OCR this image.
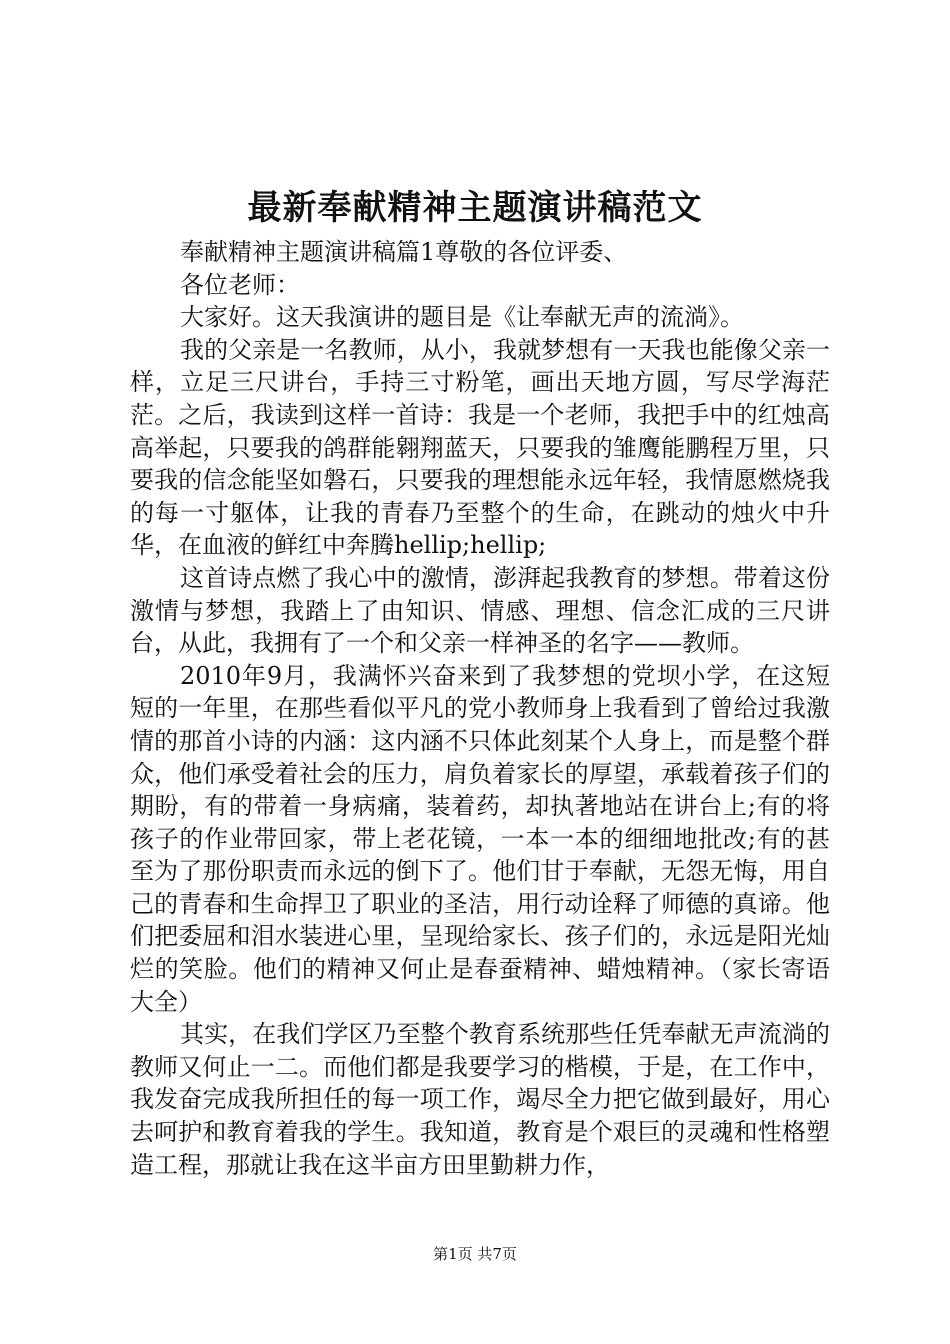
最新奉献精神主题演讲稿范文

奉献精神主题演讲稿篇1尊敬的各位评委、

各位老师：

大家好。这天我演讲的题目是《让奉献无声的流淌》。

我的父亲是一名教师，从小，我就梦想有一天我也能像父亲一样，立足三尺讲台，手持三寸粉笔，画出天地方圆，写尽学海茫茫。之后，我读到这样一首诗：我是一个老师，我把手中的红烛高高举起，只要我的鸽群能翱翔蓝天，只要我的雏鹰能鹏程万里，只要我的信念能坚如磐石，只要我的理想能永远年轻，我情愿燃烧我的每一寸躯体，让我的青春乃至整个的生命，在跳动的烛火中升华，在血液的鲜红中奔腾hellip;hellip;

这首诗点燃了我心中的激情，澎湃起我教育的梦想。带着这份激情与梦想，我踏上了由知识、情感、理想、信念汇成的三尺讲台，从此，我拥有了一个和父亲一样神圣的名字——教师。

2010年9月，我满怀兴奋来到了我梦想的党坝小学，在这短短的一年里，在那些看似平凡的党小教师身上我看到了曾给过我激情的那首小诗的内涵：这内涵不只体此刻某个人身上，而是整个群众，他们承受着社会的压力，肩负着家长的厚望，承载着孩子们的期盼，有的带着一身病痛，装着药，却执著地站在讲台上;有的将孩子的作业带回家，带上老花镜，一本一本的细细地批改;有的甚至为了那份职责而永远的倒下了。他们甘于奉献，无怨无悔，用自己的青春和生命捍卫了职业的圣洁，用行动诠释了师德的真谛。他们把委屈和泪水装进心里，呈现给家长、孩子们的，永远是阳光灿烂的笑脸。他们的精神又何止是春蚕精神、蜡烛精神。（家长寄语大全）

其实，在我们学区乃至整个教育系统那些任凭奉献无声流淌的教师又何止一二。而他们都是我要学习的楷模，于是，在工作中，我发奋完成我所担任的每一项工作，竭尽全力把它做到最好，用心去呵护和教育着我的学生。我知道，教育是个艰巨的灵魂和性格塑造工程，那就让我在这半亩方田里勤耕力作，

第1页 共7页
